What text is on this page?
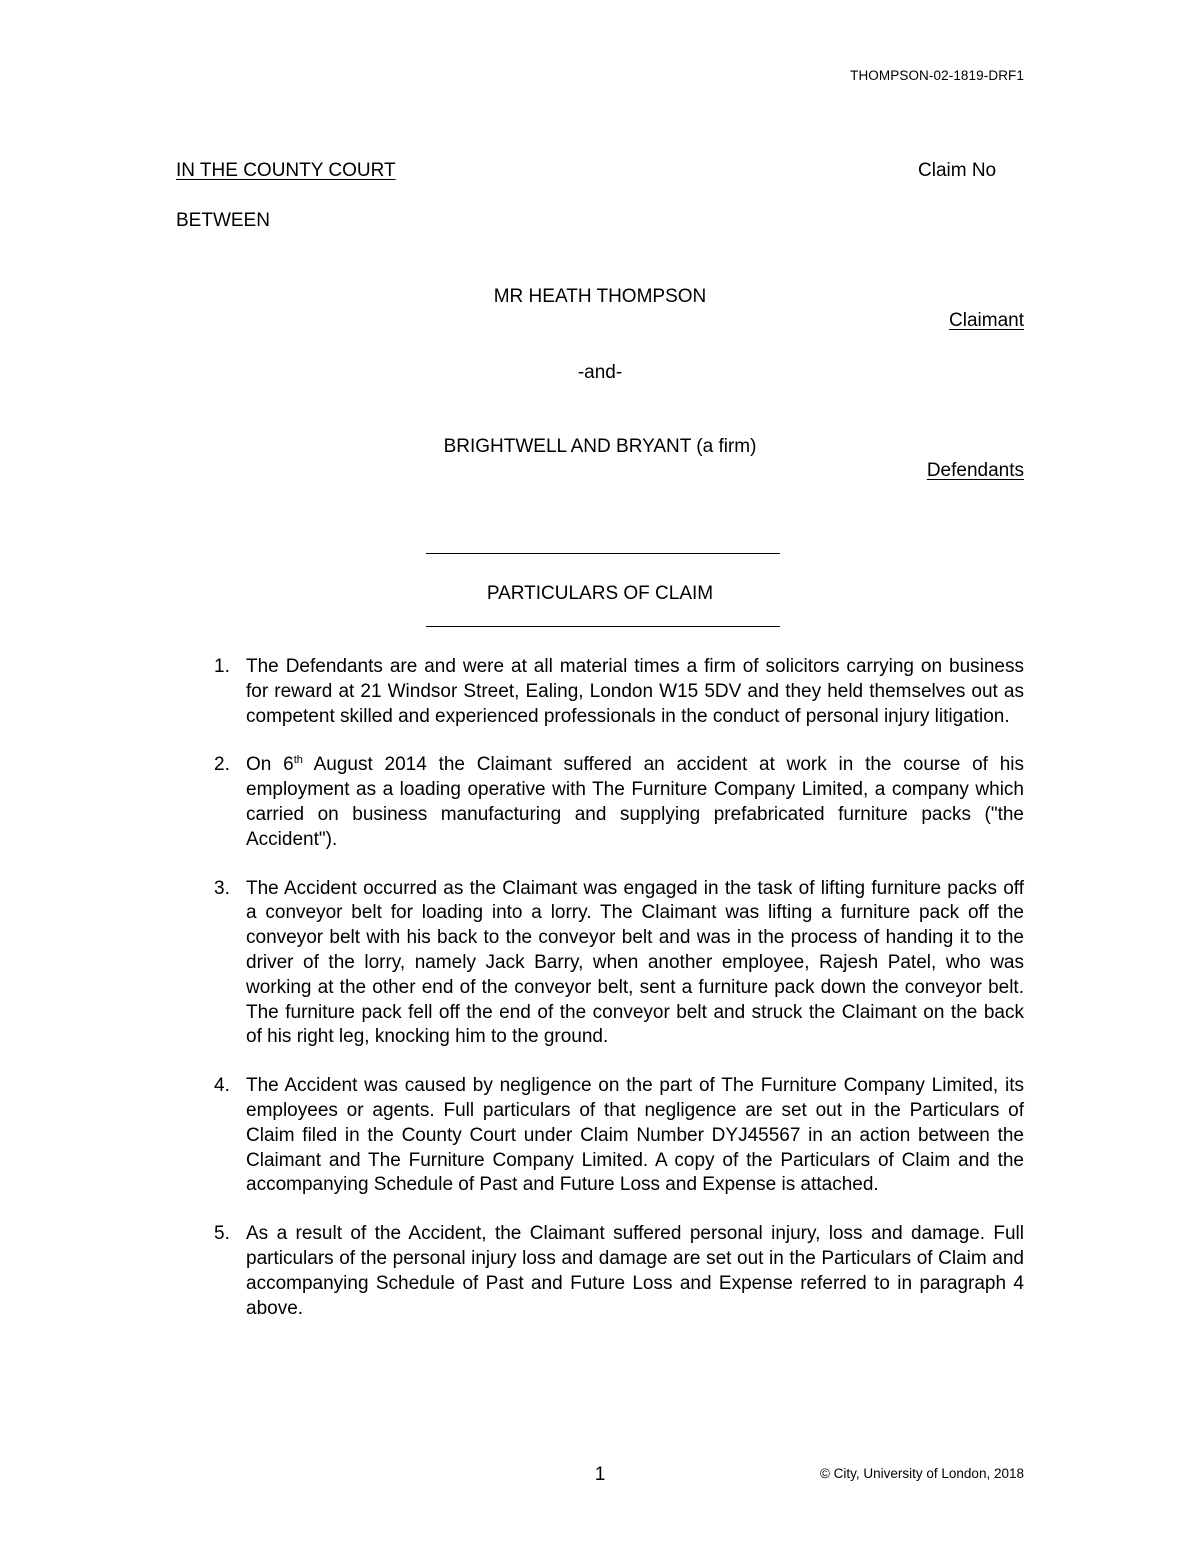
THOMPSON-02-1819-DRF1
IN THE COUNTY COURT	Claim No
BETWEEN
MR HEATH THOMPSON
Claimant
-and-
BRIGHTWELL AND BRYANT (a firm)
Defendants
PARTICULARS OF CLAIM
1. The Defendants are and were at all material times a firm of solicitors carrying on business for reward at 21 Windsor Street, Ealing, London W15 5DV and they held themselves out as competent skilled and experienced professionals in the conduct of personal injury litigation.
2. On 6th August 2014 the Claimant suffered an accident at work in the course of his employment as a loading operative with The Furniture Company Limited, a company which carried on business manufacturing and supplying prefabricated furniture packs ("the Accident").
3. The Accident occurred as the Claimant was engaged in the task of lifting furniture packs off a conveyor belt for loading into a lorry. The Claimant was lifting a furniture pack off the conveyor belt with his back to the conveyor belt and was in the process of handing it to the driver of the lorry, namely Jack Barry, when another employee, Rajesh Patel, who was working at the other end of the conveyor belt, sent a furniture pack down the conveyor belt. The furniture pack fell off the end of the conveyor belt and struck the Claimant on the back of his right leg, knocking him to the ground.
4. The Accident was caused by negligence on the part of The Furniture Company Limited, its employees or agents. Full particulars of that negligence are set out in the Particulars of Claim filed in the County Court under Claim Number DYJ45567 in an action between the Claimant and The Furniture Company Limited. A copy of the Particulars of Claim and the accompanying Schedule of Past and Future Loss and Expense is attached.
5. As a result of the Accident, the Claimant suffered personal injury, loss and damage. Full particulars of the personal injury loss and damage are set out in the Particulars of Claim and accompanying Schedule of Past and Future Loss and Expense referred to in paragraph 4 above.
1	© City, University of London, 2018
